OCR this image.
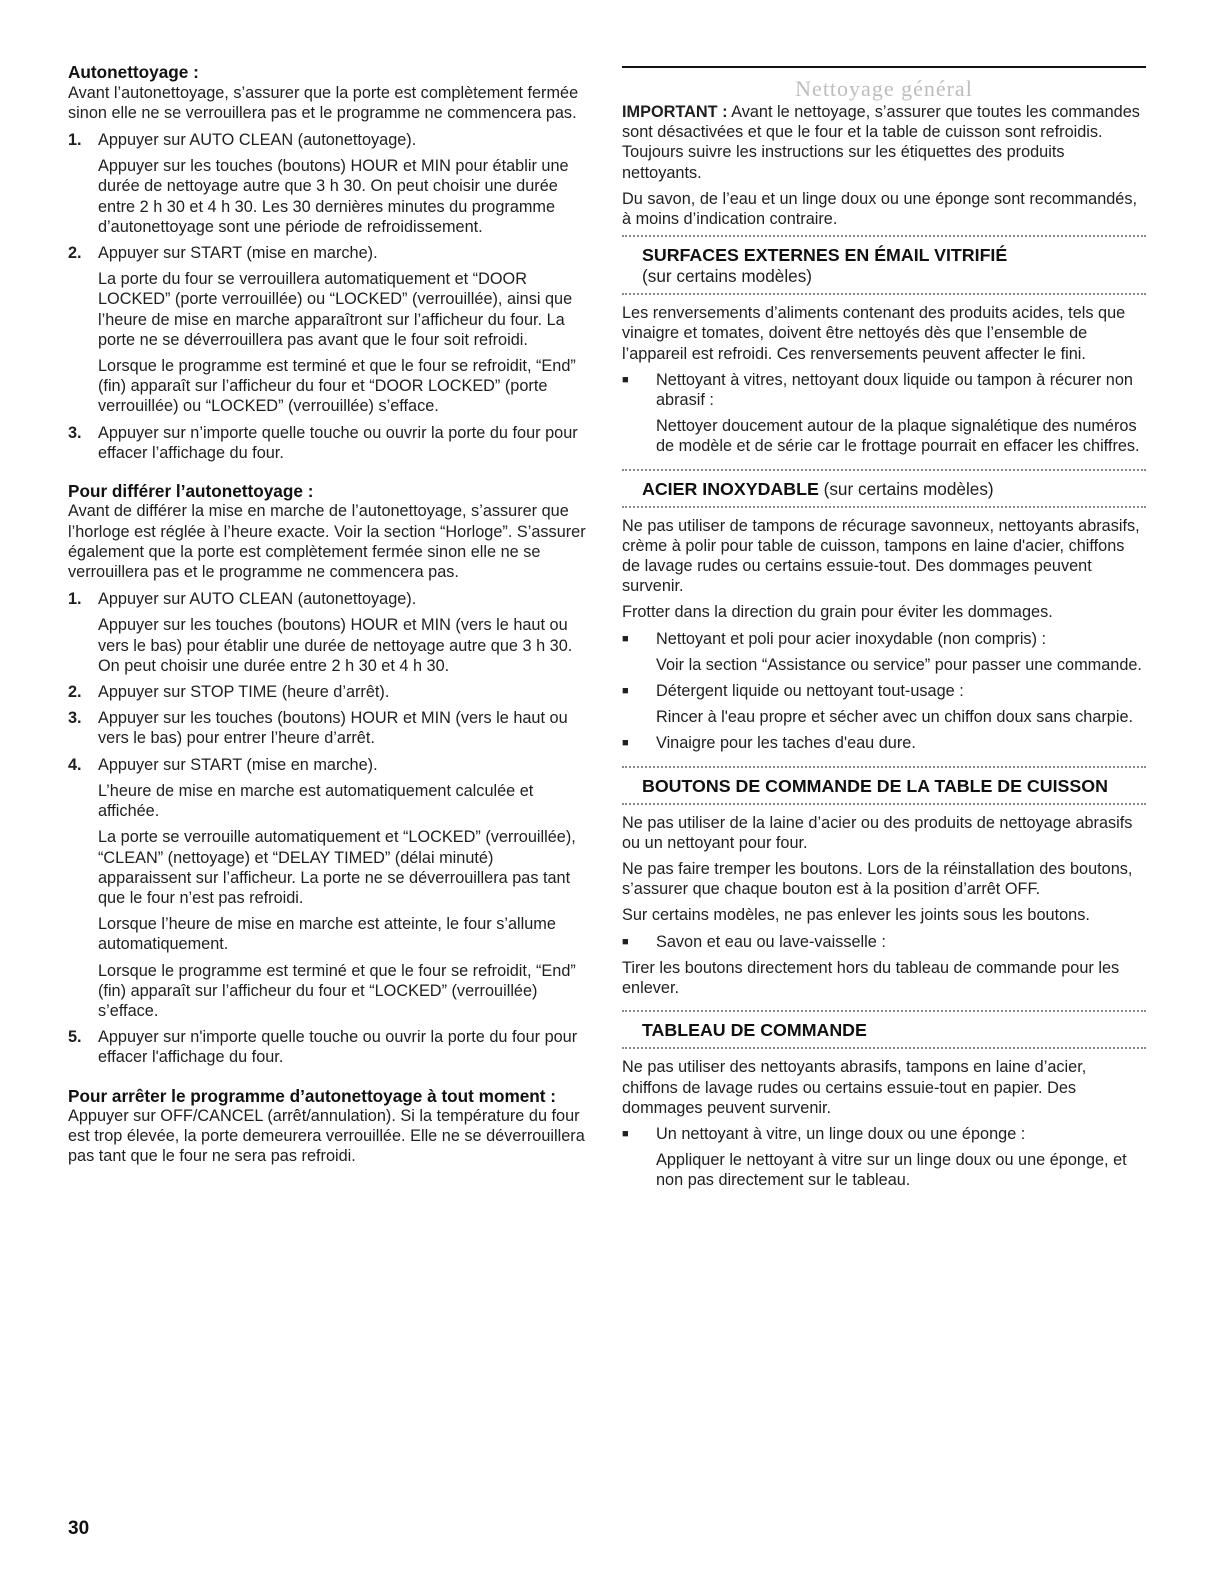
Autonettoyage :

Avant l’autonettoyage, s’assurer que la porte est complètement fermée sinon elle ne se verrouillera pas et le programme ne commencera pas.

1.	Appuyer sur AUTO CLEAN (autonettoyage).

Appuyer sur les touches (boutons) HOUR et MIN pour établir une durée de nettoyage autre que 3 h 30. On peut choisir une durée entre 2 h 30 et 4 h 30. Les 30 dernières minutes du programme d’autonettoyage sont une période de refroidissement.

2.	Appuyer sur START (mise en marche).

La porte du four se verrouillera automatiquement et “DOOR LOCKED” (porte verrouillée) ou “LOCKED” (verrouillée), ainsi que l’heure de mise en marche apparaîtront sur l’afficheur du four. La porte ne se déverrouillera pas avant que le four soit refroidi.

Lorsque le programme est terminé et que le four se refroidit, “End” (fin) apparaît sur l’afficheur du four et “DOOR LOCKED” (porte verrouillée) ou “LOCKED” (verrouillée) s’efface.

3.	Appuyer sur n’importe quelle touche ou ouvrir la porte du four pour effacer l’affichage du four.

Pour différer l’autonettoyage :

Avant de différer la mise en marche de l’autonettoyage, s’assurer que l’horloge est réglée à l’heure exacte. Voir la section “Horloge”. S’assurer également que la porte est complètement fermée sinon elle ne se verrouillera pas et le programme ne commencera pas.

1.	Appuyer sur AUTO CLEAN (autonettoyage).

Appuyer sur les touches (boutons) HOUR et MIN (vers le haut ou vers le bas) pour établir une durée de nettoyage autre que 3 h 30. On peut choisir une durée entre 2 h 30 et 4 h 30.

2.	Appuyer sur STOP TIME (heure d’arrêt).

3.	Appuyer sur les touches (boutons) HOUR et MIN (vers le haut ou vers le bas) pour entrer l’heure d’arrêt.

4.	Appuyer sur START (mise en marche).

L’heure de mise en marche est automatiquement calculée et affichée.

La porte se verrouille automatiquement et “LOCKED” (verrouillée), “CLEAN” (nettoyage) et “DELAY TIMED” (délai minuté) apparaissent sur l’afficheur. La porte ne se déverrouillera pas tant que le four n’est pas refroidi.

Lorsque l’heure de mise en marche est atteinte, le four s’allume automatiquement.

Lorsque le programme est terminé et que le four se refroidit, “End” (fin) apparaît sur l’afficheur du four et “LOCKED” (verrouillée) s’efface.

5.	Appuyer sur n'importe quelle touche ou ouvrir la porte du four pour effacer l'affichage du four.

Pour arrêter le programme d’autonettoyage à tout moment :

Appuyer sur OFF/CANCEL (arrêt/annulation). Si la température du four est trop élevée, la porte demeurera verrouillée. Elle ne se déverrouillera pas tant que le four ne sera pas refroidi.

Nettoyage général

IMPORTANT : Avant le nettoyage, s’assurer que toutes les commandes sont désactivées et que le four et la table de cuisson sont refroidis. Toujours suivre les instructions sur les étiquettes des produits nettoyants.

Du savon, de l’eau et un linge doux ou une éponge sont recommandés, à moins d’indication contraire.

SURFACES EXTERNES EN ÉMAIL VITRIFIÉ
(sur certains modèles)

Les renversements d’aliments contenant des produits acides, tels que vinaigre et tomates, doivent être nettoyés dès que l’ensemble de l’appareil est refroidi. Ces renversements peuvent affecter le fini.

■	Nettoyant à vitres, nettoyant doux liquide ou tampon à récurer non abrasif :

Nettoyer doucement autour de la plaque signalétique des numéros de modèle et de série car le frottage pourrait en effacer les chiffres.

ACIER INOXYDABLE (sur certains modèles)

Ne pas utiliser de tampons de récurage savonneux, nettoyants abrasifs, crème à polir pour table de cuisson, tampons en laine d'acier, chiffons de lavage rudes ou certains essuie-tout. Des dommages peuvent survenir.

Frotter dans la direction du grain pour éviter les dommages.

■	Nettoyant et poli pour acier inoxydable (non compris) :

Voir la section “Assistance ou service” pour passer une commande.

■	Détergent liquide ou nettoyant tout-usage :

Rincer à l'eau propre et sécher avec un chiffon doux sans charpie.

■	Vinaigre pour les taches d'eau dure.

BOUTONS DE COMMANDE DE LA TABLE DE CUISSON

Ne pas utiliser de la laine d’acier ou des produits de nettoyage abrasifs ou un nettoyant pour four.

Ne pas faire tremper les boutons. Lors de la réinstallation des boutons, s’assurer que chaque bouton est à la position d’arrêt OFF.

Sur certains modèles, ne pas enlever les joints sous les boutons.

■	Savon et eau ou lave-vaisselle :

Tirer les boutons directement hors du tableau de commande pour les enlever.

TABLEAU DE COMMANDE

Ne pas utiliser des nettoyants abrasifs, tampons en laine d’acier, chiffons de lavage rudes ou certains essuie-tout en papier. Des dommages peuvent survenir.

■	Un nettoyant à vitre, un linge doux ou une éponge :

Appliquer le nettoyant à vitre sur un linge doux ou une éponge, et non pas directement sur le tableau.

30
